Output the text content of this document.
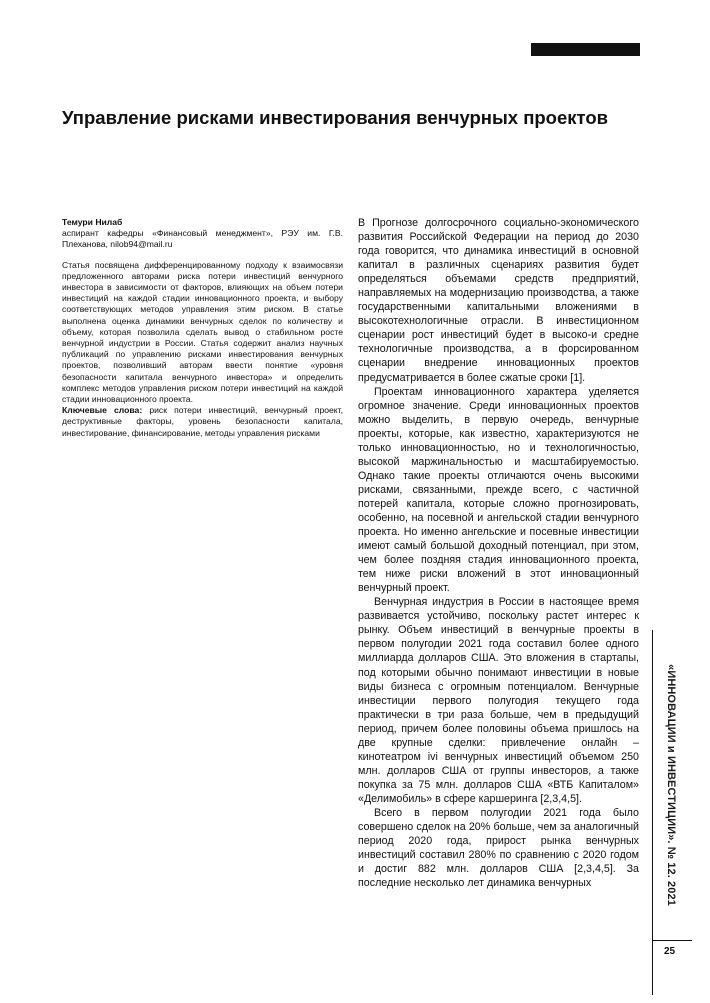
Управление рисками инвестирования венчурных проектов
Темури Нилаб
аспирант кафедры «Финансовый менеджмент», РЭУ им. Г.В. Плеханова, nilob94@mail.ru
Статья посвящена дифференцированному подходу к взаимосвязи предложенного авторами риска потери инвестиций венчурного инвестора в зависимости от факторов, влияющих на объем потери инвестиций на каждой стадии инновационного проекта, и выбору соответствующих методов управления этим риском. В статье выполнена оценка динамики венчурных сделок по количеству и объему, которая позволила сделать вывод о стабильном росте венчурной индустрии в России. Статья содержит анализ научных публикаций по управлению рисками инвестирования венчурных проектов, позволивший авторам ввести понятие «уровня безопасности капитала венчурного инвестора» и определить комплекс методов управления риском потери инвестиций на каждой стадии инновационного проекта.
Ключевые слова: риск потери инвестиций, венчурный проект, деструктивные факторы, уровень безопасности капитала, инвестирование, финансирование, методы управления рисками

В Прогнозе долгосрочного социально-экономического развития Российской Федерации на период до 2030 года говорится, что динамика инвестиций в основной капитал в различных сценариях развития будет определяться объемами средств предприятий, направляемых на модернизацию производства, а также государственными капитальными вложениями в высокотехнологичные отрасли. В инвестиционном сценарии рост инвестиций будет в высоко-и средне технологичные производства, а в форсированном сценарии внедрение инновационных проектов предусматривается в более сжатые сроки [1].

Проектам инновационного характера уделяется огромное значение. Среди инновационных проектов можно выделить, в первую очередь, венчурные проекты, которые, как известно, характеризуются не только инновационностью, но и технологичностью, высокой маржинальностью и масштабируемостью. Однако такие проекты отличаются очень высокими рисками, связанными, прежде всего, с частичной потерей капитала, которые сложно прогнозировать, особенно, на посевной и ангельской стадии венчурного проекта. Но именно ангельские и посевные инвестиции имеют самый большой доходный потенциал, при этом, чем более поздняя стадия инновационного проекта, тем ниже риски вложений в этот инновационный венчурный проект.

Венчурная индустрия в России в настоящее время развивается устойчиво, поскольку растет интерес к рынку. Объем инвестиций в венчурные проекты в первом полугодии 2021 года составил более одного миллиарда долларов США. Это вложения в стартапы, под которыми обычно понимают инвестиции в новые виды бизнеса с огромным потенциалом. Венчурные инвестиции первого полугодия текущего года практически в три раза больше, чем в предыдущий период, причем более половины объема пришлось на две крупные сделки: привлечение онлайн – кинотеатром ivi венчурных инвестиций объемом 250 млн. долларов США от группы инвесторов, а также покупка за 75 млн. долларов США «ВТБ Капиталом» «Делимобиль» в сфере каршеринга [2,3,4,5].

Всего в первом полугодии 2021 года было совершено сделок на 20% больше, чем за аналогичный период 2020 года, прирост рынка венчурных инвестиций составил 280% по сравнению с 2020 годом и достиг 882 млн. долларов США [2,3,4,5]. За последние несколько лет динамика венчурных	«ИННОВАЦИИ и ИНВЕСТИЦИИ». № 12. 2021
25
